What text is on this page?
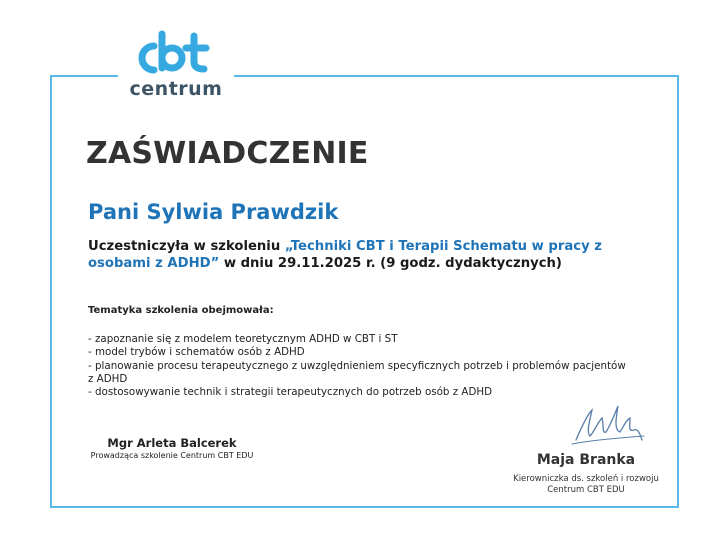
centrum
ZAŚWIADCZENIE
Pani Sylwia Prawdzik
Uczestniczyła w szkoleniu „Techniki CBT i Terapii Schematu w pracy z osobami z ADHD” w dniu 29.11.2025 r. (9 godz. dydaktycznych)
Tematyka szkolenia obejmowała:
- zapoznanie się z modelem teoretycznym ADHD w CBT i ST
- model trybów i schematów osób z ADHD
- planowanie procesu terapeutycznego z uwzględnieniem specyficznych potrzeb i problemów pacjentów z ADHD
- dostosowywanie technik i strategii terapeutycznych do potrzeb osób z ADHD
Mgr Arleta Balcerek
Prowadząca szkolenie Centrum CBT EDU	Maja Branka
Kierowniczka ds. szkoleń i rozwoju
Centrum CBT EDU
